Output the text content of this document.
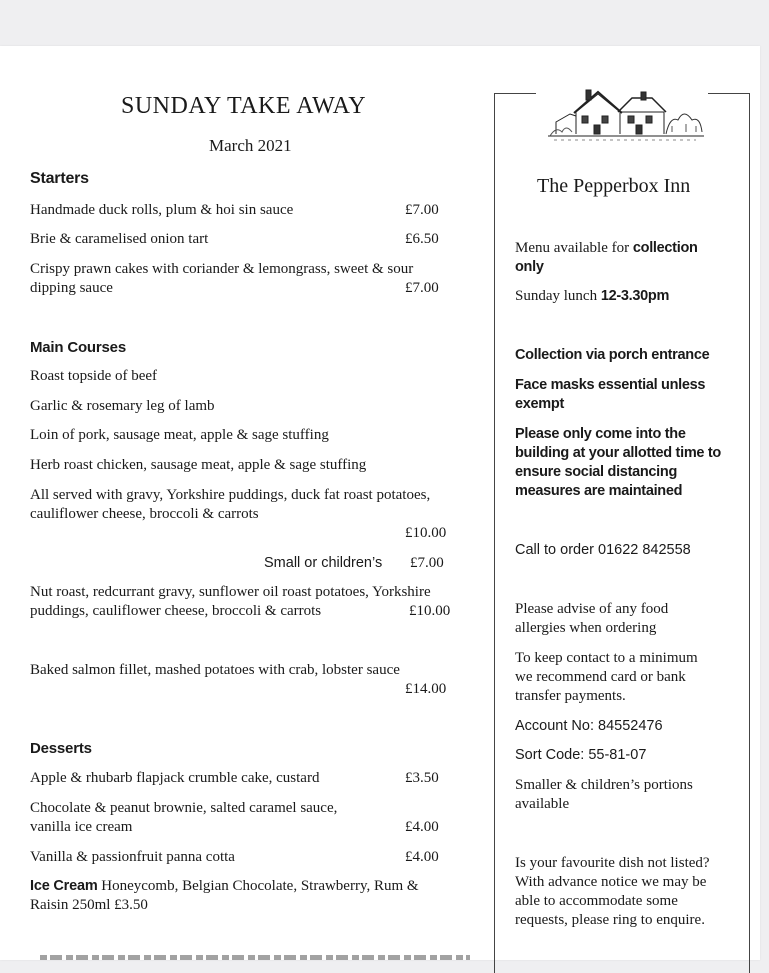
SUNDAY TAKE AWAY
March 2021
Starters
Handmade duck rolls, plum & hoi sin sauce	£7.00
Brie & caramelised onion tart	£6.50
Crispy prawn cakes with coriander & lemongrass, sweet & sour
dipping sauce	£7.00
Main Courses
Roast topside of beef
Garlic & rosemary leg of lamb
Loin of pork, sausage meat, apple & sage stuffing
Herb roast chicken, sausage meat, apple & sage stuffing
All served with gravy, Yorkshire puddings, duck fat roast potatoes,
cauliflower cheese, broccoli & carrots
£10.00
Small or children’s £7.00
Nut roast, redcurrant gravy, sunflower oil roast potatoes, Yorkshire
puddings, cauliflower cheese, broccoli & carrots	£10.00
Baked salmon fillet, mashed potatoes with crab, lobster sauce
£14.00
Desserts
Apple & rhubarb flapjack crumble cake, custard	£3.50
Chocolate & peanut brownie, salted caramel sauce,
vanilla ice cream	£4.00
Vanilla & passionfruit panna cotta	£4.00
Ice Cream Honeycomb, Belgian Chocolate, Strawberry, Rum &
Raisin 250ml £3.50
The Pepperbox Inn
Menu available for collection
only
Sunday lunch 12-3.30pm
Collection via porch entrance
Face masks essential unless
exempt
Please only come into the
building at your allotted time to
ensure social distancing
measures are maintained
Call to order 01622 842558
Please advise of any food
allergies when ordering
To keep contact to a minimum
we recommend card or bank
transfer payments.
Account No: 84552476
Sort Code: 55-81-07
Smaller & children’s portions
available
Is your favourite dish not listed?
With advance notice we may be
able to accommodate some
requests, please ring to enquire.
